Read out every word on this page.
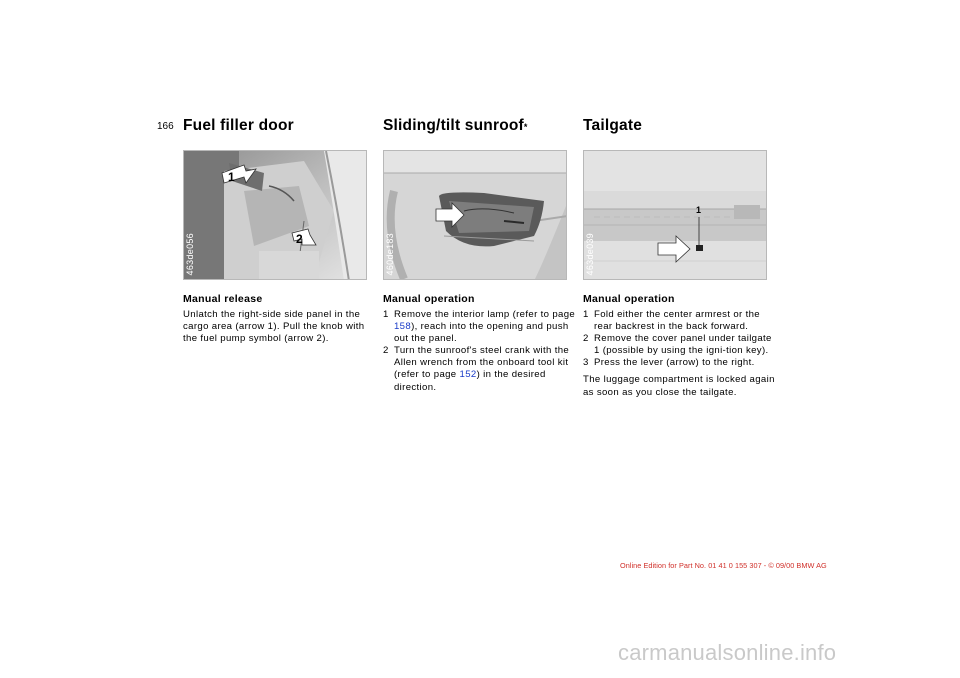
166 Fuel filler door
1
2
463de056
Manual release

Unlatch the right-side side panel in the cargo area (arrow 1). Pull the knob with the fuel pump symbol (arrow 2).

Sliding/tilt sunroof*
460de183
Manual operation
1 Remove the interior lamp (refer to page 158), reach into the opening and push out the panel.
2 Turn the sunroof's steel crank with the Allen wrench from the onboard tool kit (refer to page 152) in the desired direction.
Tailgate
1
463de039
Manual operation
1 Fold either the center armrest or the rear backrest in the back forward.
2 Remove the cover panel under tailgate 1 (possible by using the igni-tion key).
3 Press the lever (arrow) to the right.

The luggage compartment is locked again as soon as you close the tailgate.

Online Edition for Part No. 01 41 0 155 307 - © 09/00 BMW AG
carmanualsonline.info
